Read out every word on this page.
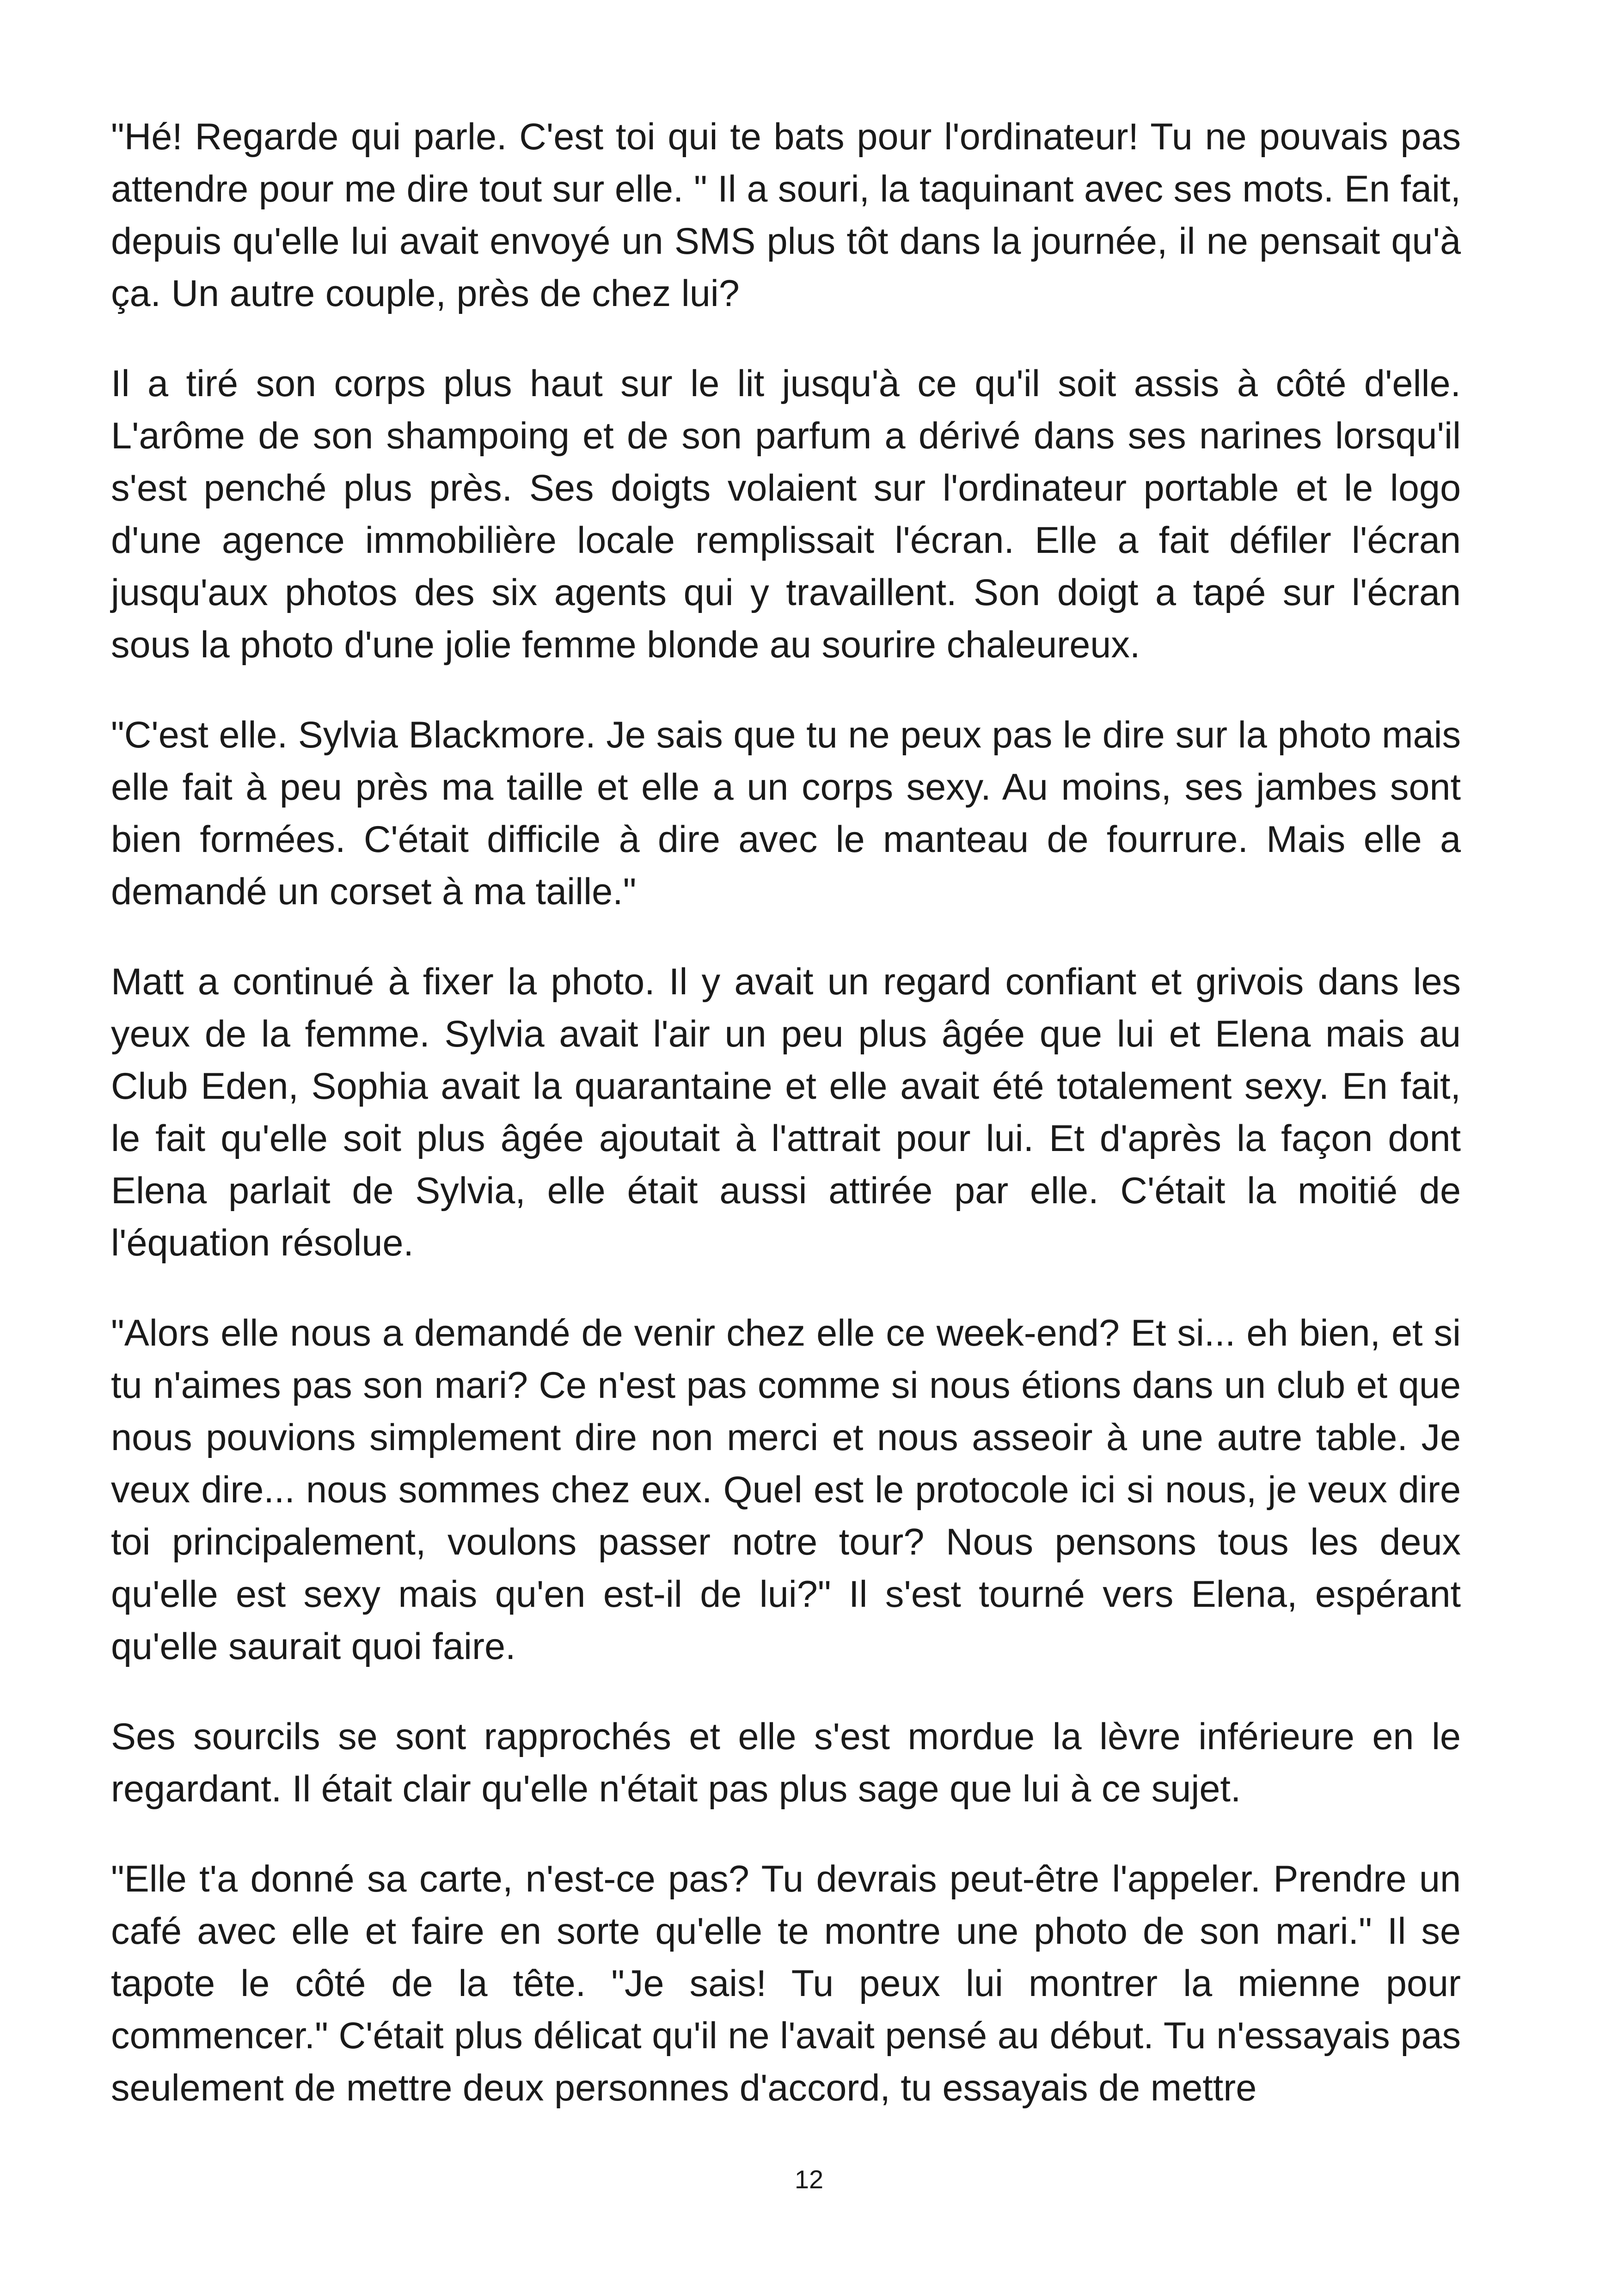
"Hé! Regarde qui parle. C'est toi qui te bats pour l'ordinateur! Tu ne pouvais pas attendre pour me dire tout sur elle. " Il a souri, la taquinant avec ses mots. En fait, depuis qu'elle lui avait envoyé un SMS plus tôt dans la journée, il ne pensait qu'à ça. Un autre couple, près de chez lui?

Il a tiré son corps plus haut sur le lit jusqu'à ce qu'il soit assis à côté d'elle. L'arôme de son shampoing et de son parfum a dérivé dans ses narines lorsqu'il s'est penché plus près. Ses doigts volaient sur l'ordinateur portable et le logo d'une agence immobilière locale remplissait l'écran. Elle a fait défiler l'écran jusqu'aux photos des six agents qui y travaillent. Son doigt a tapé sur l'écran sous la photo d'une jolie femme blonde au sourire chaleureux.

"C'est elle. Sylvia Blackmore. Je sais que tu ne peux pas le dire sur la photo mais elle fait à peu près ma taille et elle a un corps sexy. Au moins, ses jambes sont bien formées. C'était difficile à dire avec le manteau de fourrure. Mais elle a demandé un corset à ma taille."

Matt a continué à fixer la photo. Il y avait un regard confiant et grivois dans les yeux de la femme. Sylvia avait l'air un peu plus âgée que lui et Elena mais au Club Eden, Sophia avait la quarantaine et elle avait été totalement sexy. En fait, le fait qu'elle soit plus âgée ajoutait à l'attrait pour lui. Et d'après la façon dont Elena parlait de Sylvia, elle était aussi attirée par elle. C'était la moitié de l'équation résolue.

"Alors elle nous a demandé de venir chez elle ce week-end? Et si... eh bien, et si tu n'aimes pas son mari? Ce n'est pas comme si nous étions dans un club et que nous pouvions simplement dire non merci et nous asseoir à une autre table. Je veux dire... nous sommes chez eux. Quel est le protocole ici si nous, je veux dire toi principalement, voulons passer notre tour? Nous pensons tous les deux qu'elle est sexy mais qu'en est-il de lui?" Il s'est tourné vers Elena, espérant qu'elle saurait quoi faire.

Ses sourcils se sont rapprochés et elle s'est mordue la lèvre inférieure en le regardant. Il était clair qu'elle n'était pas plus sage que lui à ce sujet.

"Elle t'a donné sa carte, n'est-ce pas? Tu devrais peut-être l'appeler. Prendre un café avec elle et faire en sorte qu'elle te montre une photo de son mari." Il se tapote le côté de la tête. "Je sais! Tu peux lui montrer la mienne pour commencer." C'était plus délicat qu'il ne l'avait pensé au début. Tu n'essayais pas seulement de mettre deux personnes d'accord, tu essayais de mettre

12
